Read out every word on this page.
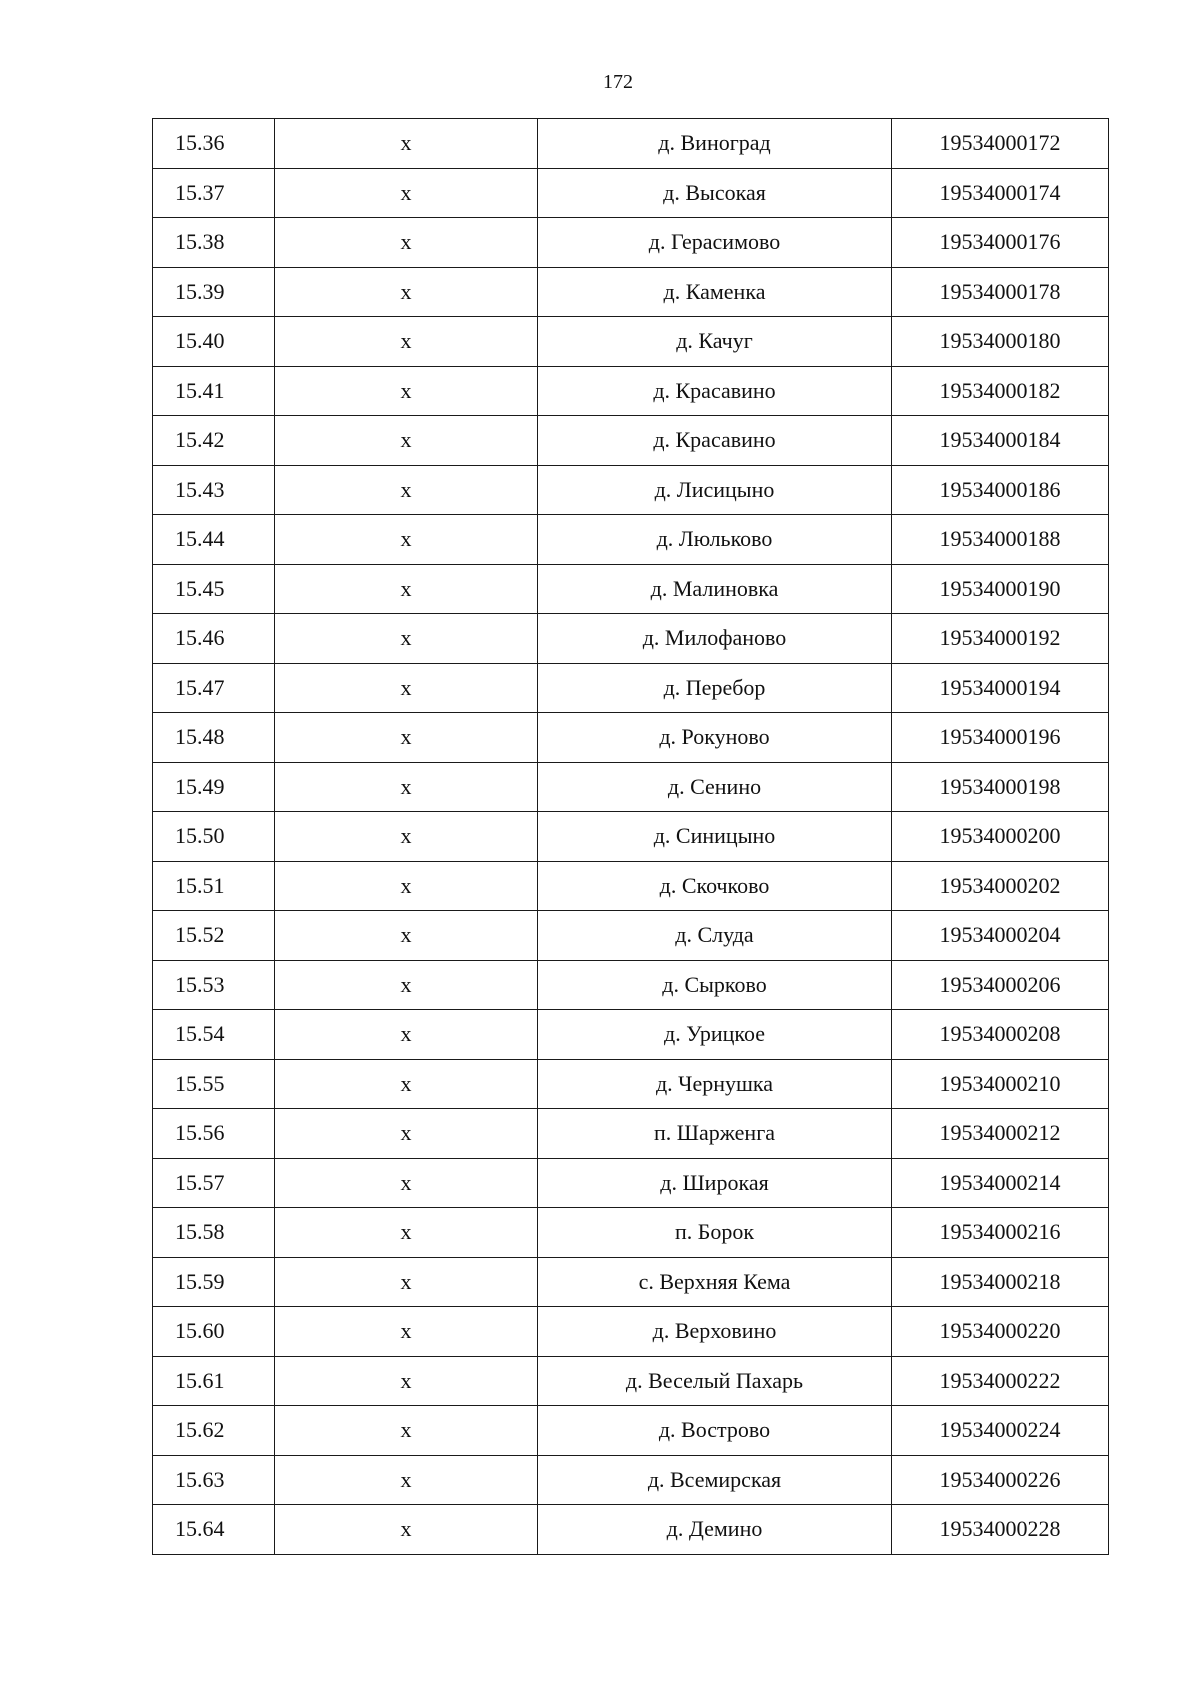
172
15.36	х	д. Виноград	19534000172
15.37	х	д. Высокая	19534000174
15.38	х	д. Герасимово	19534000176
15.39	х	д. Каменка	19534000178
15.40	х	д. Качуг	19534000180
15.41	х	д. Красавино	19534000182
15.42	х	д. Красавино	19534000184
15.43	х	д. Лисицыно	19534000186
15.44	х	д. Люльково	19534000188
15.45	х	д. Малиновка	19534000190
15.46	х	д. Милофаново	19534000192
15.47	х	д. Перебор	19534000194
15.48	х	д. Рокуново	19534000196
15.49	х	д. Сенино	19534000198
15.50	х	д. Синицыно	19534000200
15.51	х	д. Скочково	19534000202
15.52	х	д. Слуда	19534000204
15.53	х	д. Сырково	19534000206
15.54	х	д. Урицкое	19534000208
15.55	х	д. Чернушка	19534000210
15.56	х	п. Шарженга	19534000212
15.57	х	д. Широкая	19534000214
15.58	х	п. Борок	19534000216
15.59	х	с. Верхняя Кема	19534000218
15.60	х	д. Верховино	19534000220
15.61	х	д. Веселый Пахарь	19534000222
15.62	х	д. Вострово	19534000224
15.63	х	д. Всемирская	19534000226
15.64	х	д. Демино	19534000228
